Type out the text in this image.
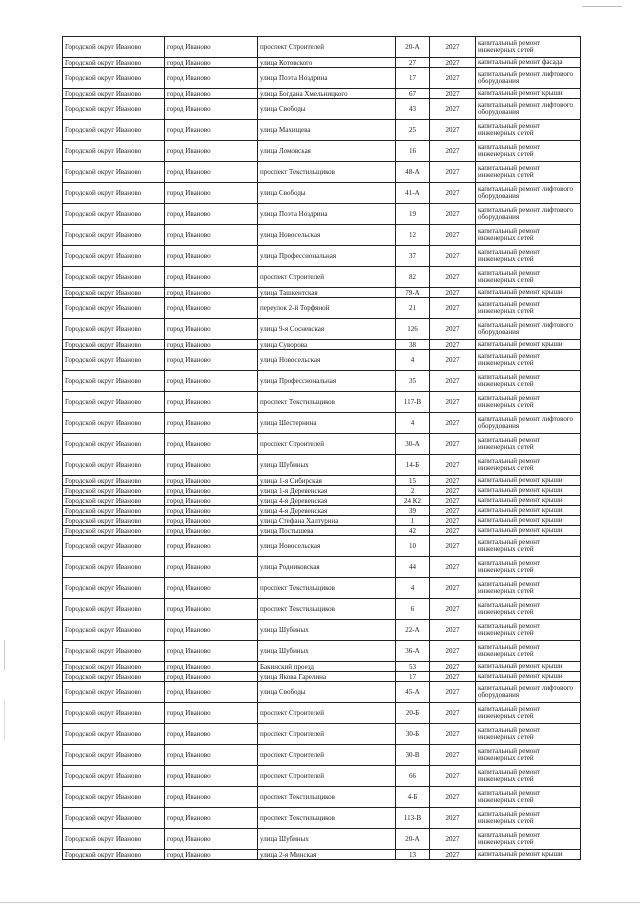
Городской округ Иваново	город Иваново	проспект Строителей	20-А	2027	капитальный ремонт инженерных сетей
Городской округ Иваново	город Иваново	улица Котовского	27	2027	капитальный ремонт фасада
Городской округ Иваново	город Иваново	улица Поэта Ноздрина	17	2027	капитальный ремонт лифтового оборудования
Городской округ Иваново	город Иваново	улица Богдана Хмельницкого	67	2027	капитальный ремонт крыши
Городской округ Иваново	город Иваново	улица Свободы	43	2027	капитальный ремонт лифтового оборудования
Городской округ Иваново	город Иваново	улица Махищева	25	2027	капитальный ремонт инженерных сетей
Городской округ Иваново	город Иваново	улица Ломовская	16	2027	капитальный ремонт инженерных сетей
Городской округ Иваново	город Иваново	проспект Текстильщиков	48-А	2027	капитальный ремонт инженерных сетей
Городской округ Иваново	город Иваново	улица Свободы	41-А	2027	капитальный ремонт лифтового оборудования
Городской округ Иваново	город Иваново	улица Поэта Ноздрина	19	2027	капитальный ремонт лифтового оборудования
Городской округ Иваново	город Иваново	улица Новосельская	12	2027	капитальный ремонт инженерных сетей
Городской округ Иваново	город Иваново	улица Профессиональная	37	2027	капитальный ремонт инженерных сетей
Городской округ Иваново	город Иваново	проспект Строителей	82	2027	капитальный ремонт инженерных сетей
Городской округ Иваново	город Иваново	улица Ташкентская	79-А	2027	капитальный ремонт крыши
Городской округ Иваново	город Иваново	переулок 2-й Торфяной	21	2027	капитальный ремонт инженерных сетей
Городской округ Иваново	город Иваново	улица 9-я Сосневская	126	2027	капитальный ремонт лифтового оборудования
Городской округ Иваново	город Иваново	улица Суворова	38	2027	капитальный ремонт крыши
Городской округ Иваново	город Иваново	улица Новосельская	4	2027	капитальный ремонт инженерных сетей
Городской округ Иваново	город Иваново	улица Профессиональная	35	2027	капитальный ремонт инженерных сетей
Городской округ Иваново	город Иваново	проспект Текстильщиков	117-В	2027	капитальный ремонт инженерных сетей
Городской округ Иваново	город Иваново	улица Шестернина	4	2027	капитальный ремонт лифтового оборудования
Городской округ Иваново	город Иваново	проспект Строителей	30-А	2027	капитальный ремонт инженерных сетей
Городской округ Иваново	город Иваново	улица Шубиных	14-Б	2027	капитальный ремонт инженерных сетей
Городской округ Иваново	город Иваново	улица 1-я Сибирская	15	2027	капитальный ремонт крыши
Городской округ Иваново	город Иваново	улица 1-я Деревенская	2	2027	капитальный ремонт крыши
Городской округ Иваново	город Иваново	улица 4-я Деревенская	24 К2	2027	капитальный ремонт крыши
Городской округ Иваново	город Иваново	улица 4-я Деревенская	39	2027	капитальный ремонт крыши
Городской округ Иваново	город Иваново	улица Стефана Халтурина	1	2027	капитальный ремонт крыши
Городской округ Иваново	город Иваново	улица Постышева	42	2027	капитальный ремонт крыши
Городской округ Иваново	город Иваново	улица Новосельская	10	2027	капитальный ремонт инженерных сетей
Городской округ Иваново	город Иваново	улица Родниковская	44	2027	капитальный ремонт инженерных сетей
Городской округ Иваново	город Иваново	проспект Текстильщиков	4	2027	капитальный ремонт инженерных сетей
Городской округ Иваново	город Иваново	проспект Текстильщиков	6	2027	капитальный ремонт инженерных сетей
Городской округ Иваново	город Иваново	улица Шубиных	22-А	2027	капитальный ремонт инженерных сетей
Городской округ Иваново	город Иваново	улица Шубиных	36-А	2027	капитальный ремонт инженерных сетей
Городской округ Иваново	город Иваново	Бакинский проезд	53	2027	капитальный ремонт крыши
Городской округ Иваново	город Иваново	улица Якова Гарелина	17	2027	капитальный ремонт крыши
Городской округ Иваново	город Иваново	улица Свободы	45-А	2027	капитальный ремонт лифтового оборудования
Городской округ Иваново	город Иваново	проспект Строителей	20-Б	2027	капитальный ремонт инженерных сетей
Городской округ Иваново	город Иваново	проспект Строителей	30-Б	2027	капитальный ремонт инженерных сетей
Городской округ Иваново	город Иваново	проспект Строителей	30-В	2027	капитальный ремонт инженерных сетей
Городской округ Иваново	город Иваново	проспект Строителей	66	2027	капитальный ремонт инженерных сетей
Городской округ Иваново	город Иваново	проспект Текстильщиков	4-Б	2027	капитальный ремонт инженерных сетей
Городской округ Иваново	город Иваново	проспект Текстильщиков	113-В	2027	капитальный ремонт инженерных сетей
Городской округ Иваново	город Иваново	улица Шубиных	20-А	2027	капитальный ремонт инженерных сетей
Городской округ Иваново	город Иваново	улица 2-я Минская	13	2027	капитальный ремонт крыши
